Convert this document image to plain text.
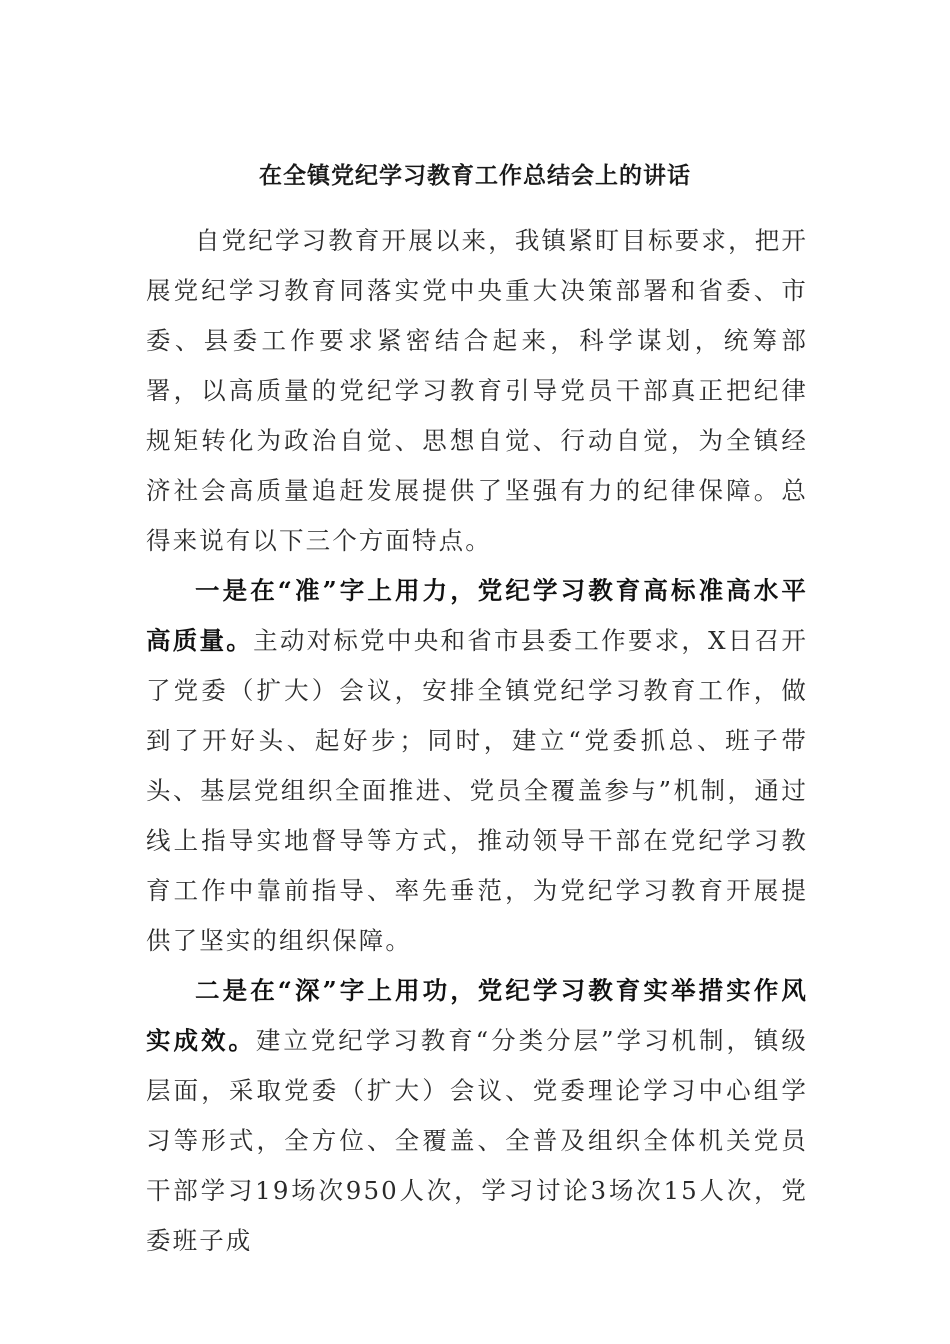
在全镇党纪学习教育工作总结会上的讲话

自党纪学习教育开展以来，我镇紧盯目标要求，把开展党纪学习教育同落实党中央重大决策部署和省委、市委、县委工作要求紧密结合起来，科学谋划，统筹部署，以高质量的党纪学习教育引导党员干部真正把纪律规矩转化为政治自觉、思想自觉、行动自觉，为全镇经济社会高质量追赶发展提供了坚强有力的纪律保障。总得来说有以下三个方面特点。

一是在“准”字上用力，党纪学习教育高标准高水平高质量。主动对标党中央和省市县委工作要求，X日召开了党委（扩大）会议，安排全镇党纪学习教育工作，做到了开好头、起好步；同时，建立“党委抓总、班子带头、基层党组织全面推进、党员全覆盖参与”机制，通过线上指导实地督导等方式，推动领导干部在党纪学习教育工作中靠前指导、率先垂范，为党纪学习教育开展提供了坚实的组织保障。

二是在“深”字上用功，党纪学习教育实举措实作风实成效。建立党纪学习教育“分类分层”学习机制，镇级层面，采取党委（扩大）会议、党委理论学习中心组学习等形式，全方位、全覆盖、全普及组织全体机关党员干部学习19场次950人次，学习讨论3场次15人次，党委班子成
